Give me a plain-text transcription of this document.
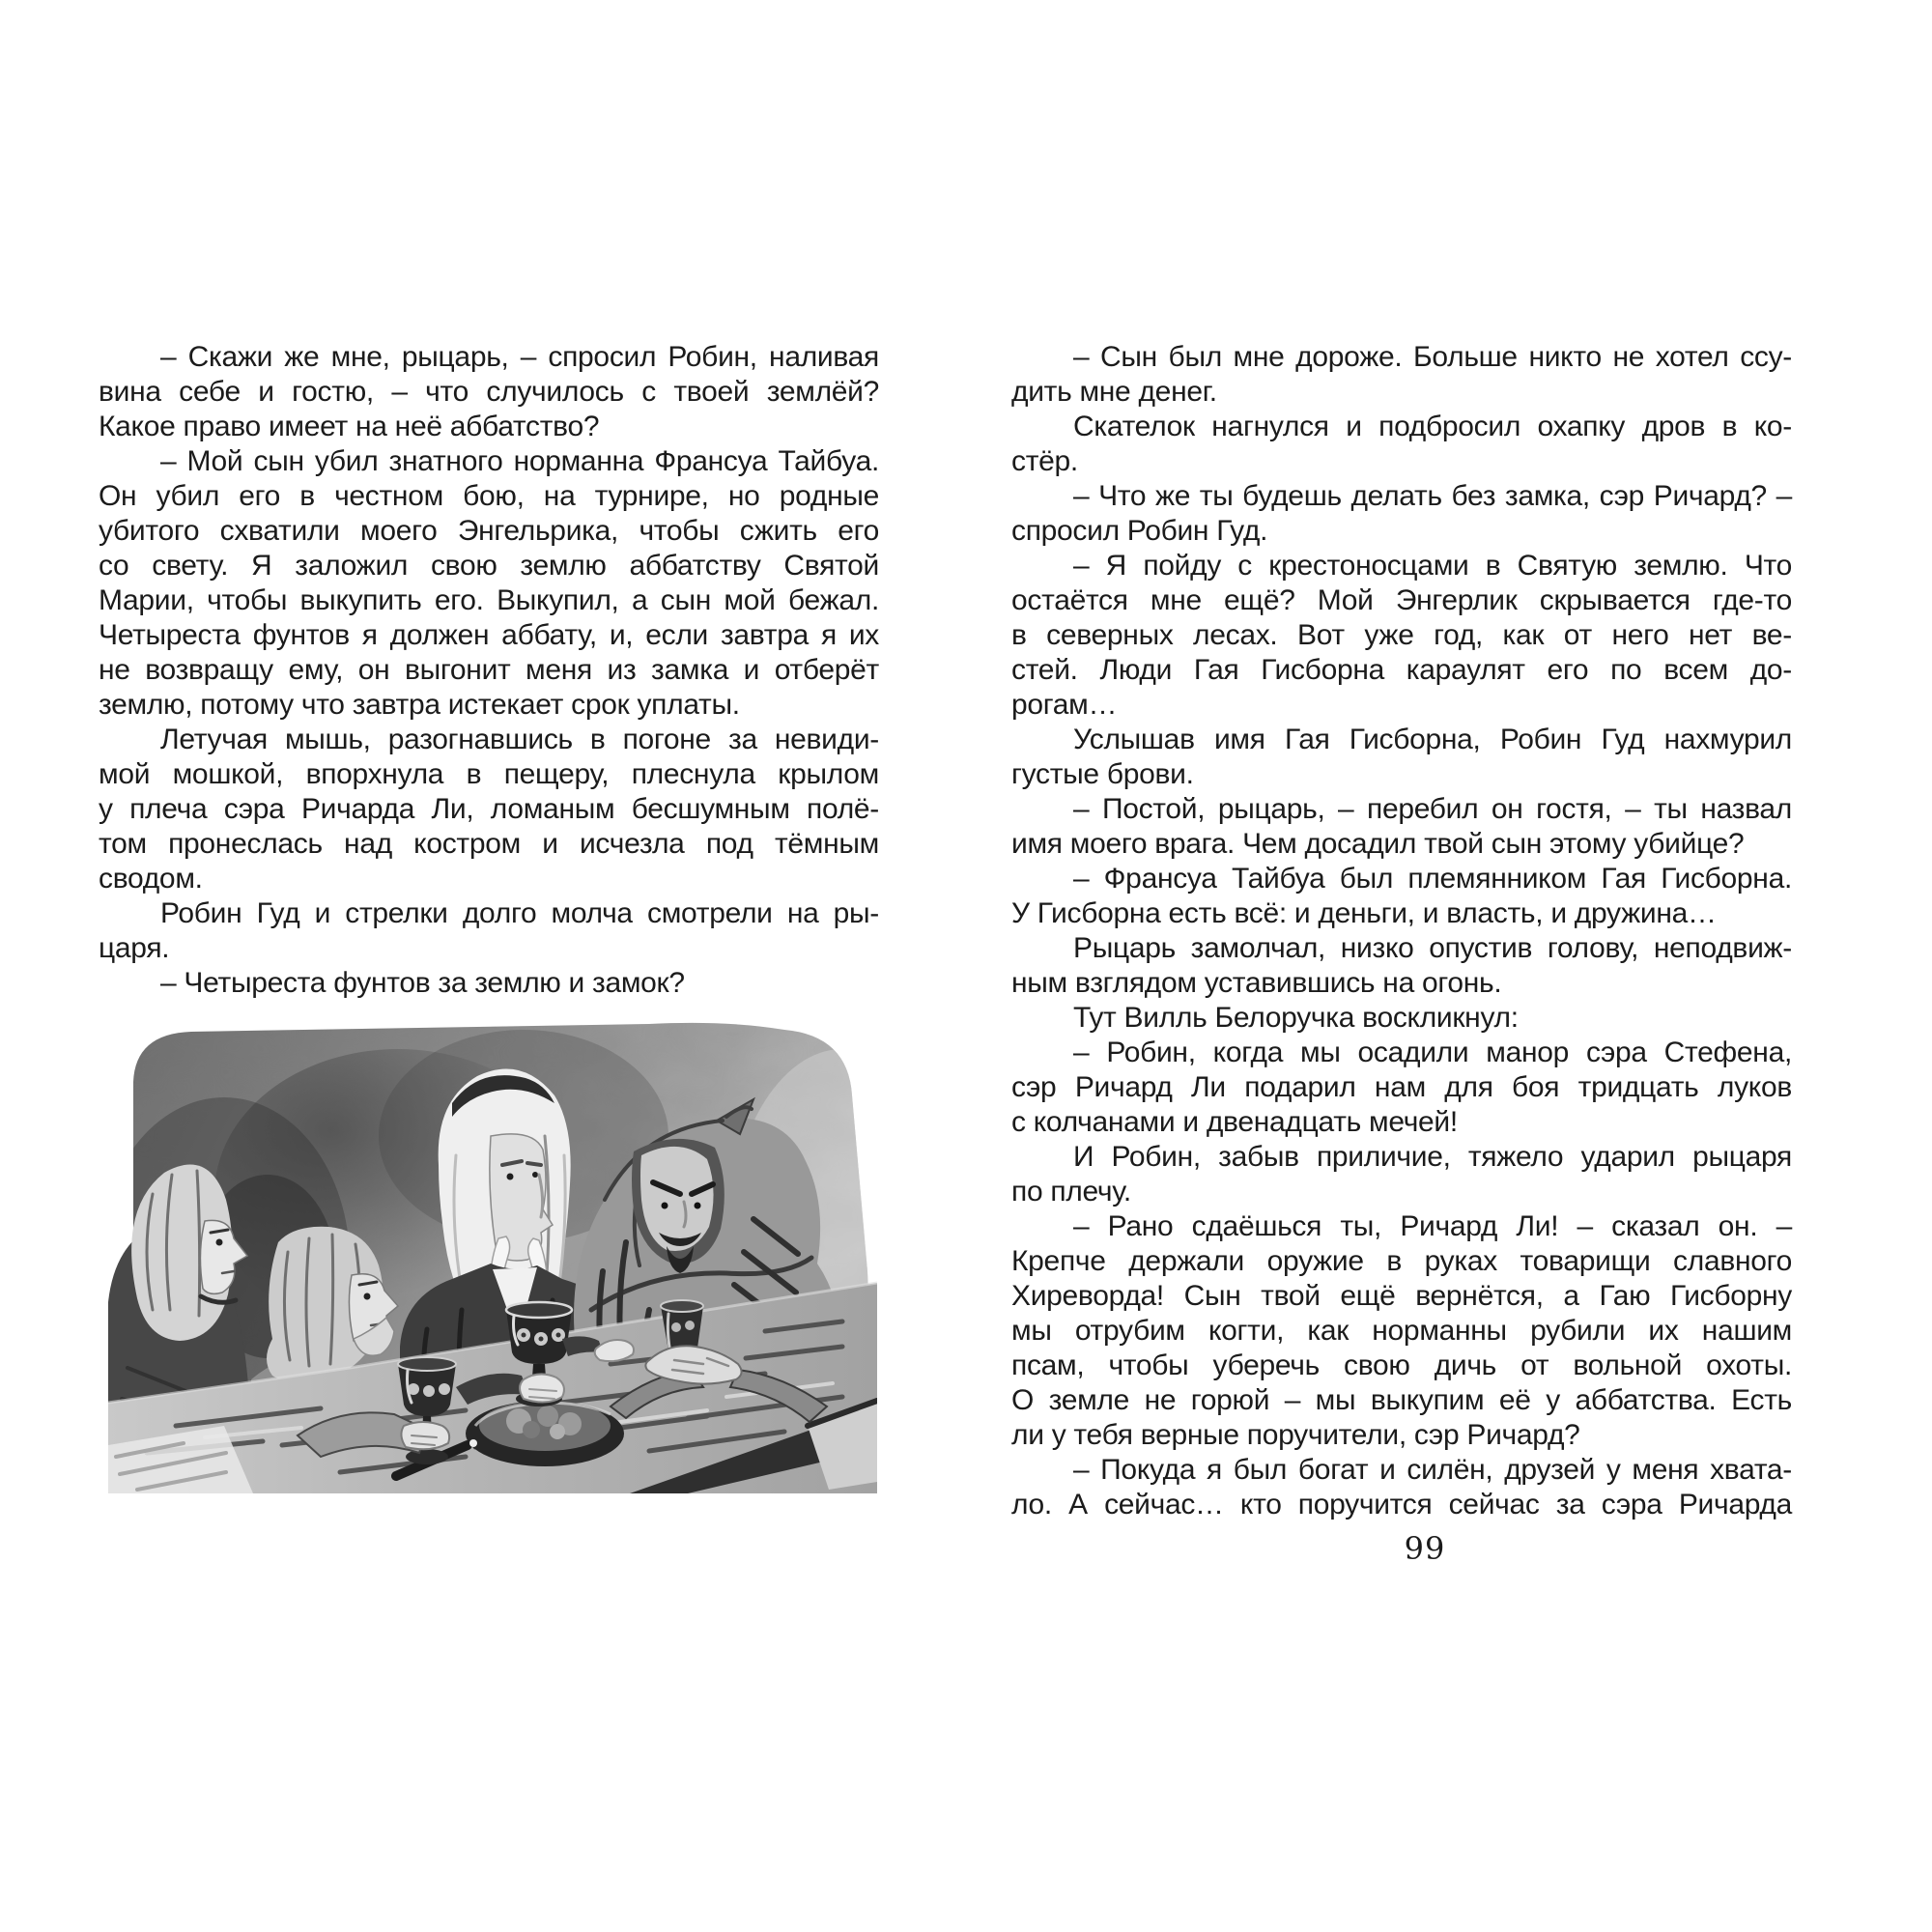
– Скажи же мне, рыцарь, – спросил Робин, наливая
вина себе и гостю, – что случилось с твоей землёй?
Какое право имеет на неё аббатство?
– Мой сын убил знатного норманна Франсуа Тайбуа.
Он убил его в честном бою, на турнире, но родные
убитого схватили моего Энгельрика, чтобы сжить его
со свету. Я заложил свою землю аббатству Святой
Марии, чтобы выкупить его. Выкупил, а сын мой бежал.
Четыреста фунтов я должен аббату, и, если завтра я их
не возвращу ему, он выгонит меня из замка и отберёт
землю, потому что завтра истекает срок уплаты.
Летучая мышь, разогнавшись в погоне за невиди-
мой мошкой, впорхнула в пещеру, плеснула крылом
у плеча сэра Ричарда Ли, ломаным бесшумным полё-
том пронеслась над костром и исчезла под тёмным
сводом.
Робин Гуд и стрелки долго молча смотрели на ры-
царя.
– Четыреста фунтов за землю и замок?
– Сын был мне дороже. Больше никто не хотел ссу-
дить мне денег.
Скателок нагнулся и подбросил охапку дров в ко-
стёр.
– Что же ты будешь делать без замка, сэр Ричард? –
спросил Робин Гуд.
– Я пойду с крестоносцами в Святую землю. Что
остаётся мне ещё? Мой Энгерлик скрывается где-то
в северных лесах. Вот уже год, как от него нет ве-
стей. Люди Гая Гисборна караулят его по всем до-
рогам…
Услышав имя Гая Гисборна, Робин Гуд нахмурил
густые брови.
– Постой, рыцарь, – перебил он гостя, – ты назвал
имя моего врага. Чем досадил твой сын этому убийце?
– Франсуа Тайбуа был племянником Гая Гисборна.
У Гисборна есть всё: и деньги, и власть, и дружина…
Рыцарь замолчал, низко опустив голову, неподвиж-
ным взглядом уставившись на огонь.
Тут Вилль Белоручка воскликнул:
– Робин, когда мы осадили манор сэра Стефена,
сэр Ричард Ли подарил нам для боя тридцать луков
с колчанами и двенадцать мечей!
И Робин, забыв приличие, тяжело ударил рыцаря
по плечу.
– Рано сдаёшься ты, Ричард Ли! – сказал он. –
Крепче держали оружие в руках товарищи славного
Хиреворда! Сын твой ещё вернётся, а Гаю Гисборну
мы отрубим когти, как норманны рубили их нашим
псам, чтобы уберечь свою дичь от вольной охоты.
О земле не горюй – мы выкупим её у аббатства. Есть
ли у тебя верные поручители, сэр Ричард?
– Покуда я был богат и силён, друзей у меня хвата-
ло. А сейчас… кто поручится сейчас за сэра Ричарда
99
